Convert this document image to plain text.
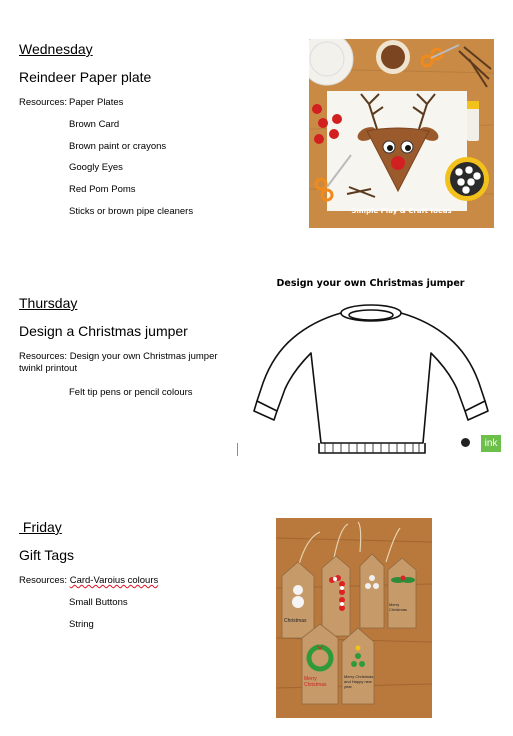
Wednesday
Reindeer Paper plate
Resources: Paper Plates
Brown Card
Brown paint or crayons
Googly Eyes
Red Pom Poms
Sticks or brown pipe cleaners	Simple Play & Craft Ideas
Thursday
Design a Christmas jumper
Resources: Design your own Christmas jumper twinkl printout
Felt tip pens or pencil colours
Design your own Christmas jumper
ink
Friday
Gift Tags
Resources: Card-Varoius colours
Small Buttons
String	Christmas
Merry Christmas
Merry Christmas
Merry Christmas and Happy new year
